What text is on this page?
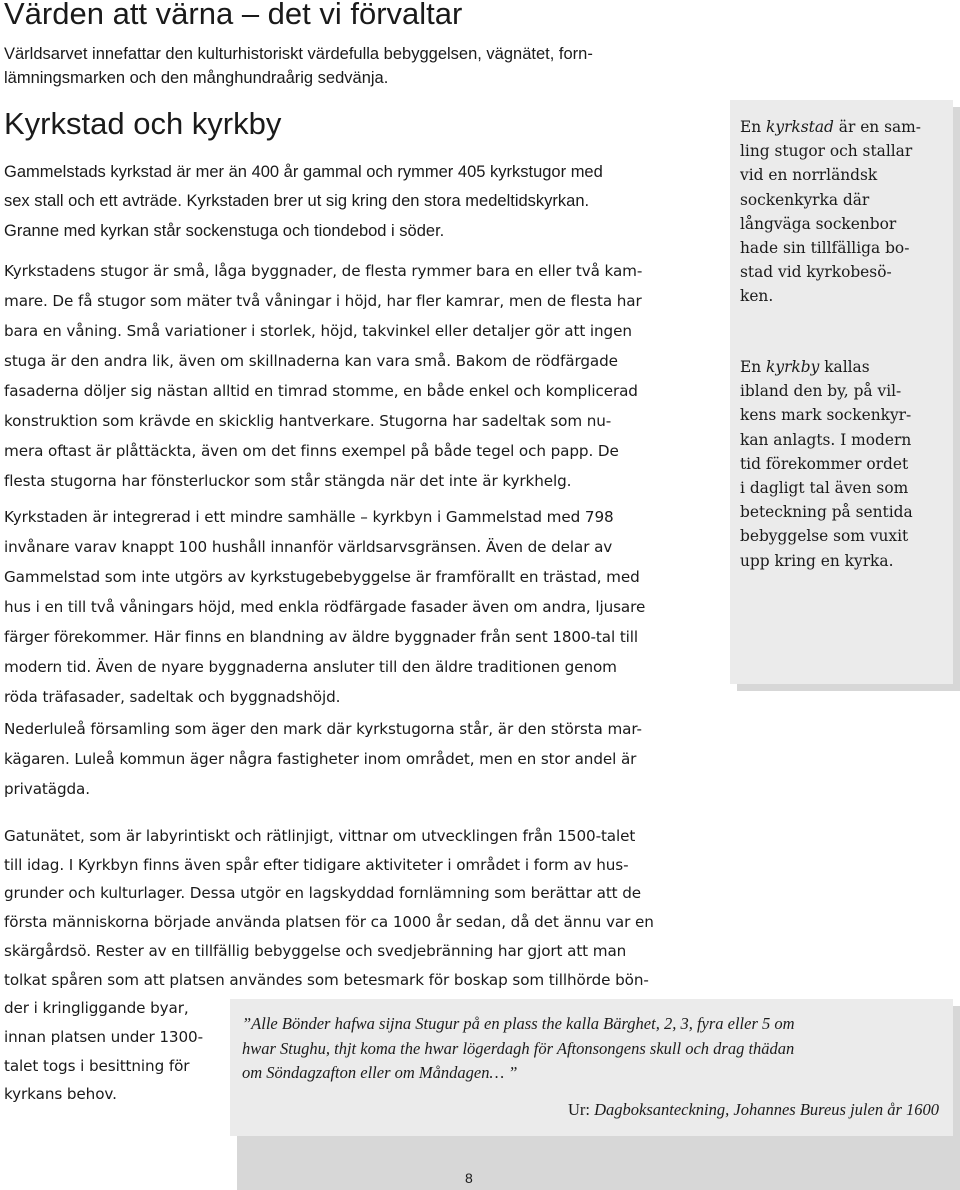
Värden att värna – det vi förvaltar
Världsarvet innefattar den kulturhistoriskt värdefulla bebyggelsen, vägnätet, forn-
lämningsmarken och den månghundraårig sedvänja.
Kyrkstad och kyrkby
Gammelstads kyrkstad är mer än 400 år gammal och rymmer 405 kyrkstugor med
sex stall och ett avträde. Kyrkstaden brer ut sig kring den stora medeltidskyrkan.
Granne med kyrkan står sockenstuga och tiondebod i söder.
Kyrkstadens stugor är små, låga byggnader, de flesta rymmer bara en eller två kam-
mare. De få stugor som mäter två våningar i höjd, har fler kamrar, men de flesta har
bara en våning. Små variationer i storlek, höjd, takvinkel eller detaljer gör att ingen
stuga är den andra lik, även om skillnaderna kan vara små. Bakom de rödfärgade
fasaderna döljer sig nästan alltid en timrad stomme, en både enkel och komplicerad
konstruktion som krävde en skicklig hantverkare. Stugorna har sadeltak som nu-
mera oftast är plåttäckta, även om det finns exempel på både tegel och papp. De
flesta stugorna har fönsterluckor som står stängda när det inte är kyrkhelg.
Kyrkstaden är integrerad i ett mindre samhälle – kyrkbyn i Gammelstad med 798
invånare varav knappt 100 hushåll innanför världsarvsgränsen. Även de delar av
Gammelstad som inte utgörs av kyrkstugebebyggelse är framförallt en trästad, med
hus i en till två våningars höjd, med enkla rödfärgade fasader även om andra, ljusare
färger förekommer. Här finns en blandning av äldre byggnader från sent 1800-tal till
modern tid. Även de nyare byggnaderna ansluter till den äldre traditionen genom
röda träfasader, sadeltak och byggnadshöjd.
Nederluleå församling som äger den mark där kyrkstugorna står, är den största mar-
kägaren. Luleå kommun äger några fastigheter inom området, men en stor andel är
privatägda.
Gatunätet, som är labyrintiskt och rätlinjigt, vittnar om utvecklingen från 1500-talet
till idag. I Kyrkbyn finns även spår efter tidigare aktiviteter i området i form av hus-
grunder och kulturlager. Dessa utgör en lagskyddad fornlämning som berättar att de
första människorna började använda platsen för ca 1000 år sedan, då det ännu var en
skärgårdsö. Rester av en tillfällig bebyggelse och svedjebränning har gjort att man
tolkat spåren som att platsen användes som betesmark för boskap som tillhörde bön-
der i kringliggande byar,
innan platsen under 1300-
talet togs i besittning för
kyrkans behov.
En kyrkstad är en sam-
ling stugor och stallar
vid en norrländsk
sockenkyrka där
långväga sockenbor
hade sin tillfälliga bo-
stad vid kyrkobesö-
ken.
En kyrkby kallas
ibland den by, på vil-
kens mark sockenkyr-
kan anlagts. I modern
tid förekommer ordet
i dagligt tal även som
beteckning på sentida
bebyggelse som vuxit
upp kring en kyrka.
”Alle Bönder hafwa sijna Stugur på en plass the kalla Bärghet, 2, 3, fyra eller 5 om
hwar Stughu, thjt koma the hwar lögerdagh för Aftonsongens skull och drag thädan
om Söndagzafton eller om Måndagen… ”
Ur: Dagboksanteckning, Johannes Bureus julen år 1600
8
